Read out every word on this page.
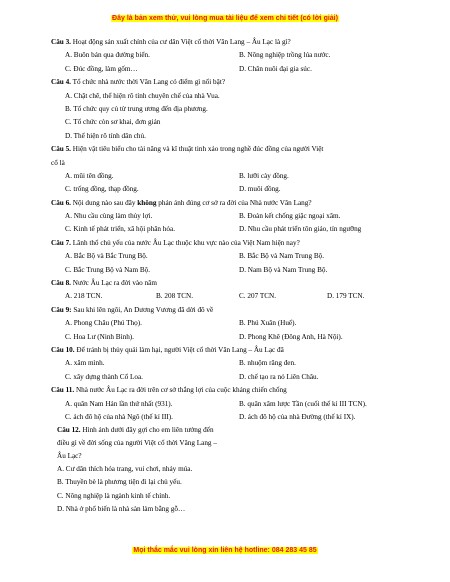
Đây là bản xem thử, vui lòng mua tài liệu để xem chi tiết (có lời giải)
Câu 3. Hoạt động sản xuất chính của cư dân Việt cổ thời Văn Lang – Âu Lạc là gì?
A. Buôn bán qua đường biển.	B. Nông nghiệp trồng lúa nước.
C. Đúc đồng, làm gốm…	D. Chăn nuôi đại gia súc.
Câu 4. Tổ chức nhà nước thời Văn Lang có điểm gì nổi bật?
A. Chặt chẽ, thể hiện rõ tính chuyên chế của nhà Vua.
B. Tổ chức quy củ từ trung ương đến địa phương.
C. Tổ chức còn sơ khai, đơn giản
D. Thể hiện rõ tính dân chủ.
Câu 5. Hiện vật tiêu biểu cho tài năng và kĩ thuật tinh xảo trong nghề đúc đồng của người Việt
cổ là
A. mũi tên đồng.	B. lưỡi cày đồng.
C. trống đồng, thạp đồng.	D. muôi đồng.
Câu 6. Nội dung nào sau đây không phản ánh đúng cơ sở ra đời của Nhà nước Văn Lang?
A. Nhu cầu cùng làm thủy lợi.	B. Đoàn kết chống giặc ngoại xâm.
C. Kinh tế phát triển, xã hội phân hóa.	D. Nhu cầu phát triển tôn giáo, tín ngưỡng
Câu 7. Lãnh thổ chủ yếu của nước Âu Lạc thuộc khu vực nào của Việt Nam hiện nay?
A. Bắc Bộ và Bắc Trung Bộ.	B. Bắc Bộ và Nam Trung Bộ.
C. Bắc Trung Bộ và Nam Bộ.	D. Nam Bộ và Nam Trung Bộ.
Câu 8. Nước Âu Lạc ra đời vào năm
A. 218 TCN.	B. 208 TCN.	C. 207 TCN.	D. 179 TCN.
Câu 9: Sau khi lên ngôi, An Dương Vương đã dời đô về
A. Phong Châu (Phú Thọ).	B. Phú Xuân (Huế).
C. Hoa Lư (Ninh Bình).	D. Phong Khê (Đông Anh, Hà Nội).
Câu 10. Để tránh bị thủy quái làm hại, người Việt cổ thời Văn Lang – Âu Lạc đã
A. xăm mình.	B. nhuộm răng đen.
C. xây dựng thành Cổ Loa.	D. chế tạo ra nỏ Liên Châu.
Câu 11. Nhà nước Âu Lạc ra đời trên cơ sở thắng lợi của cuộc kháng chiến chống
A. quân Nam Hán lần thứ nhất (931).	B. quân xâm lược Tần (cuối thế kỉ III TCN).
C. ách đô hộ của nhà Ngô (thế kỉ III).	D. ách đô hộ của nhà Đường (thế kỉ IX).
Câu 12. Hình ảnh dưới đây gợi cho em liên tưởng đến điều gì về đời sống của người Việt cổ thời Văng Lang – Âu Lạc?
A. Cư dân thích hóa trang, vui chơi, nhảy múa.
B. Thuyền bè là phương tiện đi lại chủ yếu.
C. Nông nghiệp là ngành kinh tế chính.
D. Nhà ở phổ biến là nhà sàn làm bằng gỗ…
Mọi thắc mắc vui lòng xin liên hệ hotline: 084 283 45 85
